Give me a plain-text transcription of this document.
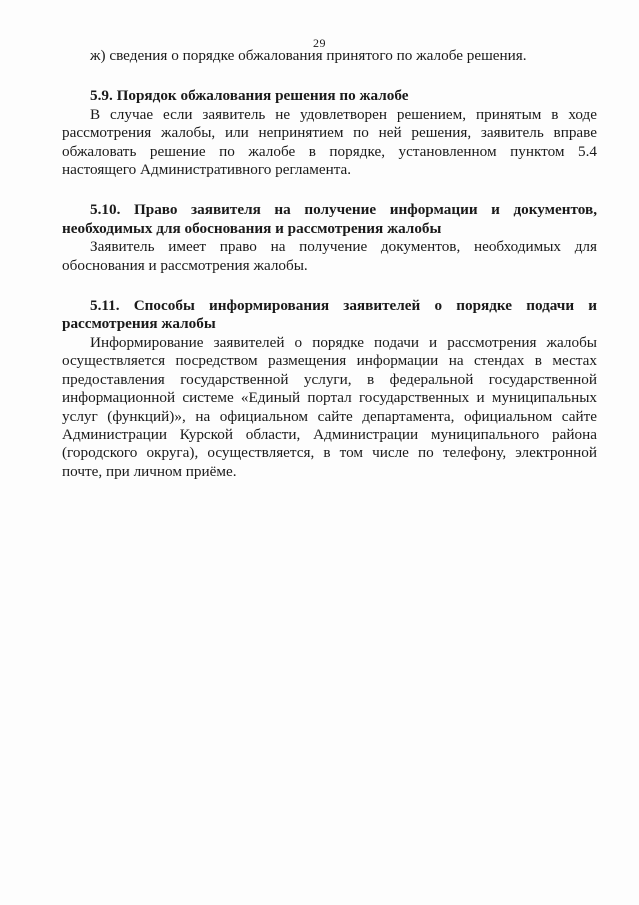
29

ж) сведения о порядке обжалования принятого по жалобе решения.

5.9. Порядок обжалования решения по жалобе

В случае если заявитель не удовлетворен решением, принятым в ходе рассмотрения жалобы, или непринятием по ней решения, заявитель вправе обжаловать решение по жалобе в порядке, установленном пунктом 5.4 настоящего Административного регламента.

5.10. Право заявителя на получение информации и документов, необходимых для обоснования и рассмотрения жалобы

Заявитель имеет право на получение документов, необходимых для обоснования и рассмотрения жалобы.

5.11. Способы информирования заявителей о порядке подачи и рассмотрения жалобы

Информирование заявителей о порядке подачи и рассмотрения жалобы осуществляется посредством размещения информации на стендах в местах предоставления государственной услуги, в федеральной государственной информационной системе «Единый портал государственных и муниципальных услуг (функций)», на официальном сайте департамента, официальном сайте Администрации Курской области, Администрации муниципального района (городского округа), осуществляется, в том числе по телефону, электронной почте, при личном приёме.
